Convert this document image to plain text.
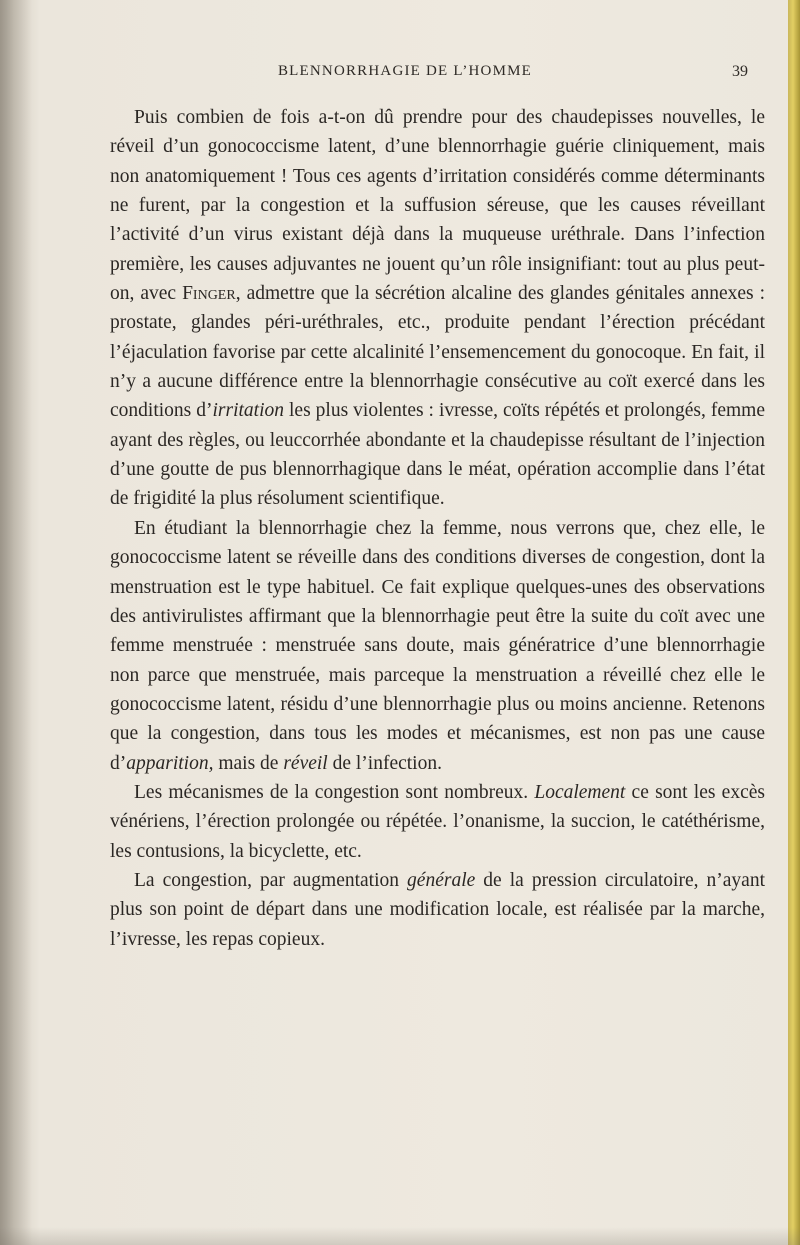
BLENNORRHAGIE DE L’HOMME	39

Puis combien de fois a-t-on dû prendre pour des chaudepisses nouvelles, le réveil d’un gonococcisme latent, d’une blennorrhagie guérie cliniquement, mais non anatomiquement ! Tous ces agents d’irritation considérés comme déterminants ne furent, par la congestion et la suffusion séreuse, que les causes réveillant l’activité d’un virus existant déjà dans la muqueuse uréthrale. Dans l’infection première, les causes adjuvantes ne jouent qu’un rôle insignifiant: tout au plus peut-on, avec Finger, admettre que la sécrétion alcaline des glandes génitales annexes : prostate, glandes péri-uréthrales, etc., produite pendant l’érection précédant l’éjaculation favorise par cette alcalinité l’ensemencement du gonocoque. En fait, il n’y a aucune différence entre la blennorrhagie consécutive au coït exercé dans les conditions d’irritation les plus violentes : ivresse, coïts répétés et prolongés, femme ayant des règles, ou leuccorrhée abondante et la chaudepisse résultant de l’injection d’une goutte de pus blennorrhagique dans le méat, opération accomplie dans l’état de frigidité la plus résolument scientifique.

En étudiant la blennorrhagie chez la femme, nous verrons que, chez elle, le gonococcisme latent se réveille dans des conditions diverses de congestion, dont la menstruation est le type habituel. Ce fait explique quelques-unes des observations des antivirulistes affirmant que la blennorrhagie peut être la suite du coït avec une femme menstruée : menstruée sans doute, mais génératrice d’une blennorrhagie non parce que menstruée, mais parceque la menstruation a réveillé chez elle le gonococcisme latent, résidu d’une blennorrhagie plus ou moins ancienne. Retenons que la congestion, dans tous les modes et mécanismes, est non pas une cause d’apparition, mais de réveil de l’infection.

Les mécanismes de la congestion sont nombreux. Localement ce sont les excès vénériens, l’érection prolongée ou répétée. l’onanisme, la succion, le catéthérisme, les contusions, la bicyclette, etc.

La congestion, par augmentation générale de la pression circulatoire, n’ayant plus son point de départ dans une modification locale, est réalisée par la marche, l’ivresse, les repas copieux.
